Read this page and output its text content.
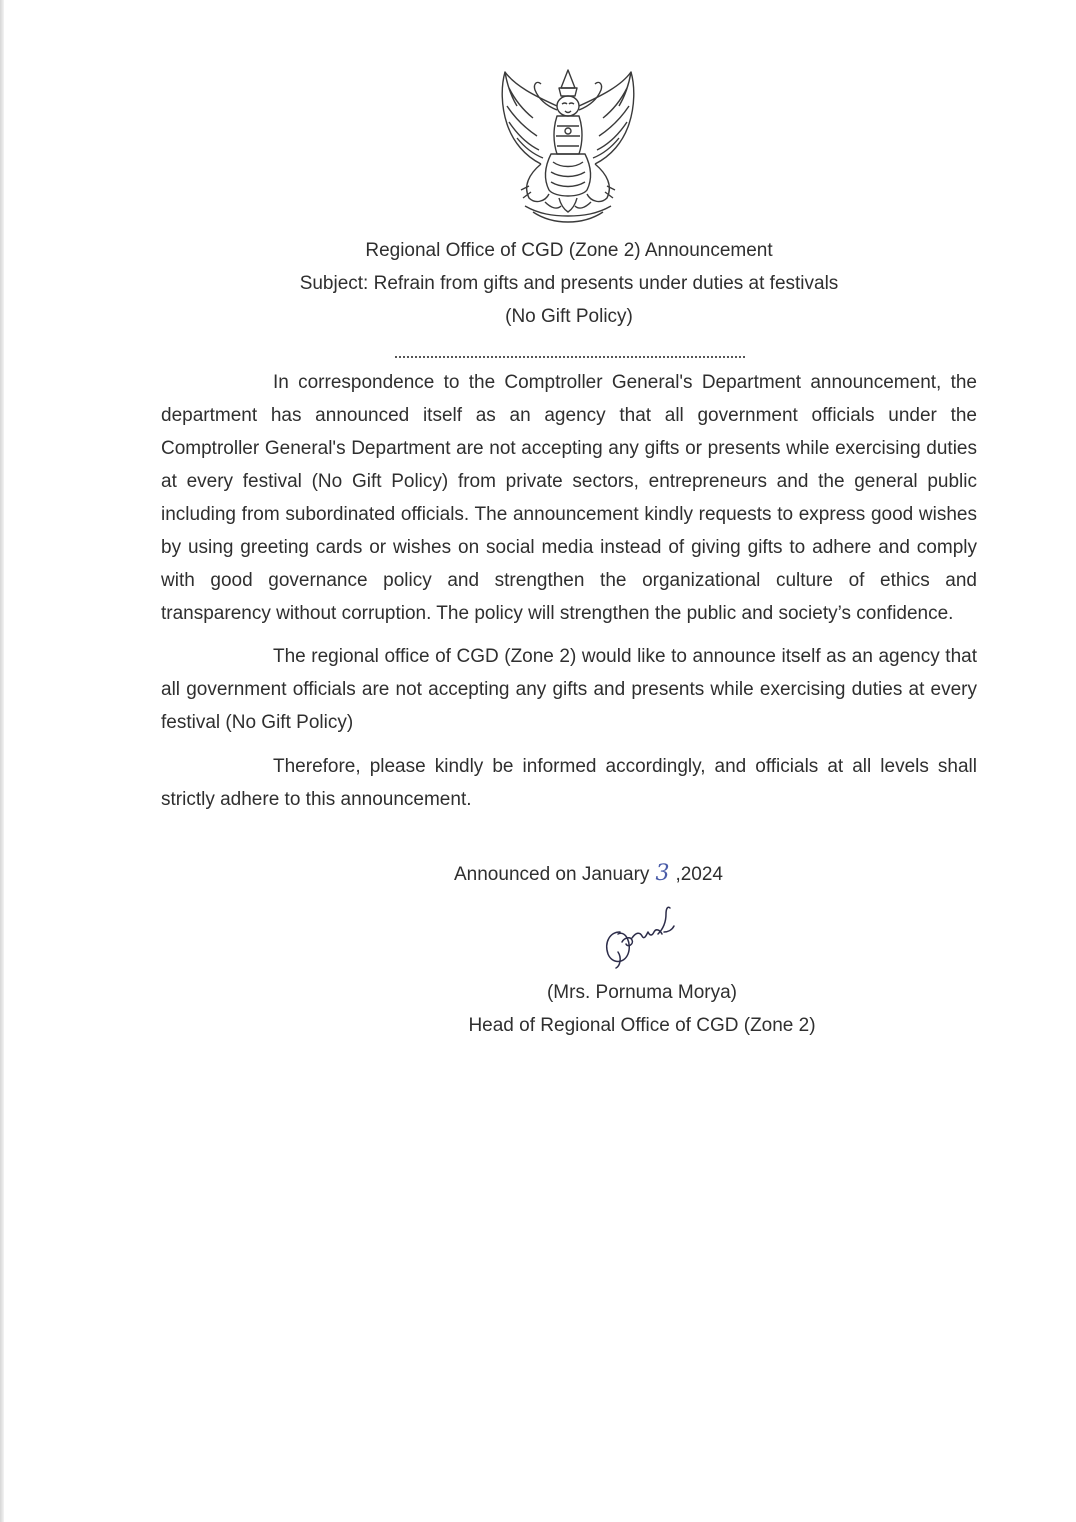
Regional Office of CGD (Zone 2) Announcement
Subject: Refrain from gifts and presents under duties at festivals
(No Gift Policy)

In correspondence to the Comptroller General's Department announcement, the department has announced itself as an agency that all government officials under the Comptroller General's Department are not accepting any gifts or presents while exercising duties at every festival (No Gift Policy) from private sectors, entrepreneurs and the general public including from subordinated officials. The announcement kindly requests to express good wishes by using greeting cards or wishes on social media instead of giving gifts to adhere and comply with good governance policy and strengthen the organizational culture of ethics and transparency without corruption. The policy will strengthen the public and society’s confidence.

The regional office of CGD (Zone 2) would like to announce itself as an agency that all government officials are not accepting any gifts and presents while exercising duties at every festival (No Gift Policy)

Therefore, please kindly be informed accordingly, and officials at all levels shall strictly adhere to this announcement.

Announced on January 3 ,2024
(Mrs. Pornuma Morya)
Head of Regional Office of CGD (Zone 2)
